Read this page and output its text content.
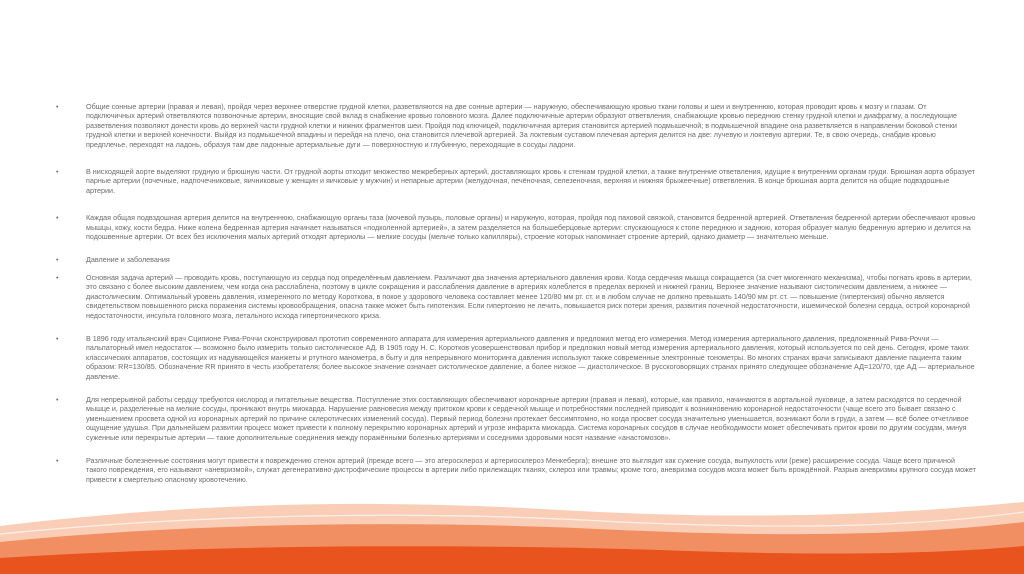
•	Общие сонные артерии (правая и левая), пройдя через верхнее отверстие грудной клетки, разветвляются на две сонные артерии — наружную, обеспечивающую кровью ткани головы и шеи и внутреннюю, которая проводит кровь к мозгу и глазам. От подключичных артерий ответвляются позвоночные артерии, вносящие свой вклад в снабжение кровью головного мозга. Далее подключичные артерии образуют ответвления, снабжающие кровью переднюю стенку грудной клетки и диафрагму, а последующие разветвления позволяют донести кровь до верхней части грудной клетки и нижних фрагментов шеи. Пройдя под ключицей, подключичная артерия становится артерией подмышечной; в подмышечной впадине она разветвляется в направлении боковой стенки грудной клетки и верхней конечности. Выйдя из подмышечной впадины и перейдя на плечо, она становится плечевой артерией. За локтевым суставом плечевая артерия делится на две: лучевую и локтевую артерии. Те, в свою очередь, снабдив кровью предплечье, переходят на ладонь, образуя там две ладонные артериальные дуги — поверхностную и глубинную, переходящие в сосуды ладони.
•	В нисходящей аорте выделяют грудную и брюшную части. От грудной аорты отходит множество межреберных артерий, доставляющих кровь к стенкам грудной клетки, а также внутренние ответвления, идущие к внутренним органам груди. Брюшная аорта образует парные артерии (почечные, надпочечниковые, яичниковые у женщин и яичковые у мужчин) и непарные артерии (желудочная, печёночная, селезеночная, верхняя и нижняя брыжеечные) ответвления. В конце брюшная аорта делится на общие подвздошные артерии.
•	Каждая общая подвздошная артерия делится на внутреннюю, снабжающую органы таза (мочевой пузырь, половые органы) и наружную, которая, пройдя под паховой связкой, становится бедренной артерией. Ответвления бедренной артерии обеспечивают кровью мышцы, кожу, кости бедра. Ниже колена бедренная артерия начинает называться «подколенной артерией», а затем разделяется на большеберцовые артерии: спускающуюся к стопе переднюю и заднюю, которая образует малую бедренную артерию и делится на подошвенные артерии. От всех без исключения малых артерий отходят артериолы — мелкие сосуды (мельче только капилляры), строение которых напоминает строение артерий, однако диаметр — значительно меньше.
•	Давление и заболевания
•	Основная задача артерий — проводить кровь, поступающую из сердца под определённым давлением. Различают два значения артериального давления крови. Когда сердечная мышца сокращается (за счет миогенного механизма), чтобы погнать кровь в артерии, это связано с более высоким давлением, чем когда она расслаблена, поэтому в цикле сокращения и расслабления давление в артериях колеблется в пределах верхней и нижней границ. Верхнее значение называют систолическим давлением, а нижнее — диастолическим. Оптимальный уровень давления, измеренного по методу Короткова, в покое у здорового человека составляет менее 120/80 мм рт. ст. и в любом случае не должно превышать 140/90 мм рт. ст. — повышение (гипертензия) обычно является свидетельством повышенного риска поражения системы кровообращения, опасна также может быть гипотензия. Если гипертонию не лечить, повышается риск потери зрения, развития почечной недостаточности, ишемической болезни сердца, острой коронарной недостаточности, инсульта головного мозга, летального исхода гипертонического криза.
•	В 1896 году итальянский врач Сципионе Рива-Роччи сконструировал прототип современного аппарата для измерения артериального давления и предложил метод его измерения. Метод измерения артериального давления, предложенный Рива-Роччи — пальпаторный имел недостаток — возможно было измерить только систолическое АД. В 1905 году Н. С. Коротков усовершенствовал прибор и предложил новый метод измерения артериального давления, который используется по сей день. Сегодня, кроме таких классических аппаратов, состоящих из надувающейся манжеты и ртутного манометра, в быту и для непрерывного мониторинга давления используют также современные электронные тонометры. Во многих странах врачи записывают давление пациента таким образом: RR=130/85. Обозначение RR принято в честь изобретателя; более высокое значение означает систолическое давление, а более низкое — диастолическое. В русскоговорящих странах принято следующее обозначение АД=120/70, где АД — артериальное давление.
•	Для непрерывной работы сердцу требуются кислород и питательные вещества. Поступление этих составляющих обеспечивают коронарные артерии (правая и левая), которые, как правило, начинаются в аортальной луковице, а затем расходятся по сердечной мышце и, разделенные на мелкие сосуды, проникают внутрь миокарда. Нарушение равновесия между притоком крови к сердечной мышце и потребностями последней приводит к возникновению коронарной недостаточности (чаще всего это бывает связано с уменьшением просвета одной из коронарных артерий по причине склеротических изменений сосуда). Первый период болезни протекает бессимптомно, но когда просвет сосуда значительно уменьшается, возникают боли в груди, а затем — всё более отчетливое ощущение удушья. При дальнейшем развитии процесс может привести к полному перекрытию коронарных артерий и угрозе инфаркта миокарда. Система коронарных сосудов в случае необходимости может обеспечивать приток крови по другим сосудам, минуя суженные или перекрытые артерии — такие дополнительные соединения между поражёнными болезнью артериями и соседними здоровыми носят название «анастомозов».
•	Различные болезненные состояния могут привести к повреждению стенок артерий (прежде всего — это атеросклероз и артериосклероз Менкеберга); внешне это выглядит как сужение сосуда, выпуклость или (реже) расширение сосуда. Чаще всего причиной такого повреждения, его называют «аневризмой», служат дегенеративно-дистрофические процессы в артерии либо прилежащих тканях, склероз или травмы; кроме того, аневризма сосудов мозга может быть врождённой. Разрыв аневризмы крупного сосуда может привести к смертельно опасному кровотечению.
